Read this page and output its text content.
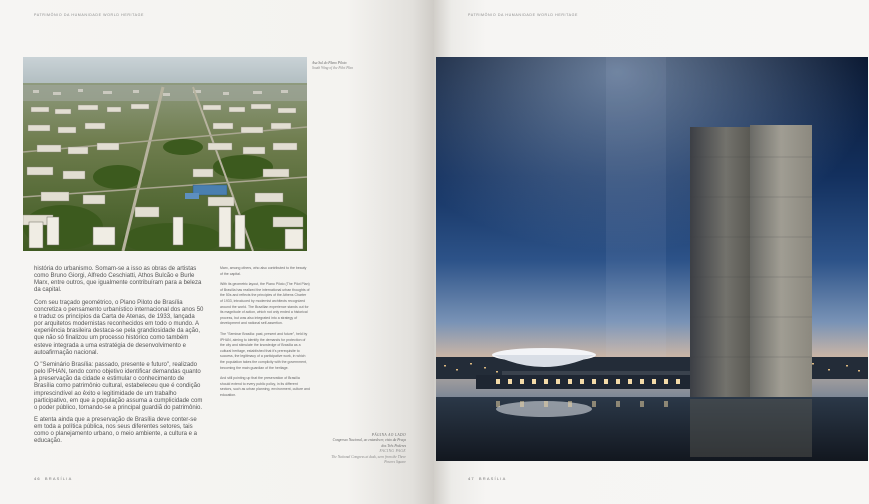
PATRIMÔNIO DA HUMANIDADE WORLD HERITAGE
Asa Sul do Plano Piloto
South Wing of the Pilot Plan

história do urbanismo. Somam-se a isso as obras de artistas como Bruno Giorgi, Alfredo Ceschiatti, Athos Bulcão e Burle Marx, entre outros, que igualmente contribuíram para a beleza da capital.

Com seu traçado geométrico, o Plano Piloto de Brasília concretiza o pensamento urbanístico internacional dos anos 50 e traduz os princípios da Carta de Atenas, de 1933, lançada por arquitetos modernistas reconhecidos em todo o mundo. A experiência brasileira destaca-se pela grandiosidade da ação, que não só finalizou um processo histórico como também esteve integrada a uma estratégia de desenvolvimento e autoafirmação nacional.

O "Seminário Brasília: passado, presente e futuro", realizado pelo IPHAN, tendo como objetivo identificar demandas quanto à preservação da cidade e estimular o conhecimento de Brasília como patrimônio cultural, estabeleceu que é condição imprescindível ao êxito e legitimidade de um trabalho participativo, em que a população assuma a cumplicidade com o poder público, tornando-se a principal guardiã do patrimônio.

E atenta ainda que a preservação de Brasília deve conter-se em toda a política pública, nos seus diferentes setores, tais como o planejamento urbano, o meio ambiente, a cultura e a educação.

Marx, among others, who also contributed to the beauty of the capital.

With its geometric layout, the Plano Piloto (The Pilot Plan) of Brasília has realized the international urban thoughts of the 50s and reflects the principles of the Athens Charter of 1933, introduced by modernist architects recognized around the world. The Brazilian experience stands out for its magnitude of action, which not only ended a historical process, but was also integrated into a strategy of development and national self-assertion.

The "Seminar Brasília: past, present and future", held by IPHAN, aiming to identify the demands for protection of the city and stimulate the knowledge of Brasília as a cultural heritage, established that it's prerequisite to success, the legitimacy of a participative work, in which the population takes the complicity with the government, becoming the main guardian of the heritage.

And still pointing up that the preservation of Brasília should extend to every public policy, in its different sectors, such as urban planning, environment, culture and education.

PÁGINA AO LADO
Congresso Nacional, ao entardecer, visto da Praça dos Três Poderes
FACING PAGE
The National Congress at dusk, seen from the Three Powers Square
46 BRASÍLIA
PATRIMÔNIO DA HUMANIDADE WORLD HERITAGE
47 BRASÍLIA
